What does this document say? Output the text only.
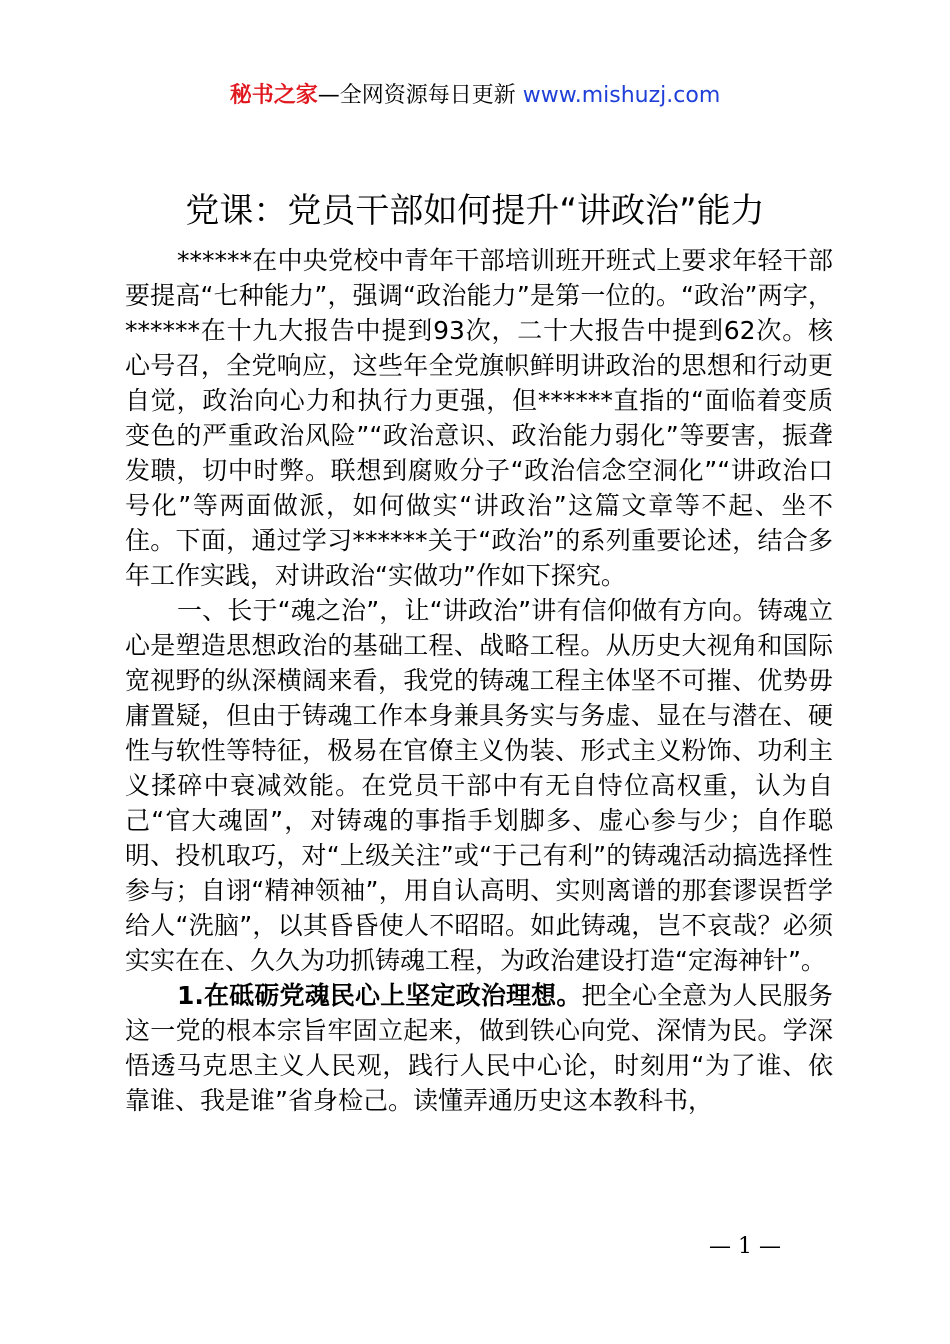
秘书之家—全网资源每日更新 www.mishuzj.com
党课：党员干部如何提升“讲政治”能力

******在中央党校中青年干部培训班开班式上要求年轻干部要提高“七种能力”，强调“政治能力”是第一位的。“政治”两字，******在十九大报告中提到93次，二十大报告中提到62次。核心号召，全党响应，这些年全党旗帜鲜明讲政治的思想和行动更自觉，政治向心力和执行力更强，但******直指的“面临着变质变色的严重政治风险”“政治意识、政治能力弱化”等要害，振聋发聩，切中时弊。联想到腐败分子“政治信念空洞化”“讲政治口号化”等两面做派，如何做实“讲政治”这篇文章等不起、坐不住。下面，通过学习******关于“政治”的系列重要论述，结合多年工作实践，对讲政治“实做功”作如下探究。

一、长于“魂之治”，让“讲政治”讲有信仰做有方向。铸魂立心是塑造思想政治的基础工程、战略工程。从历史大视角和国际宽视野的纵深横阔来看，我党的铸魂工程主体坚不可摧、优势毋庸置疑，但由于铸魂工作本身兼具务实与务虚、显在与潜在、硬性与软性等特征，极易在官僚主义伪装、形式主义粉饰、功利主义揉碎中衰减效能。在党员干部中有无自恃位高权重，认为自己“官大魂固”，对铸魂的事指手划脚多、虚心参与少；自作聪明、投机取巧，对“上级关注”或“于己有利”的铸魂活动搞选择性参与；自诩“精神领袖”，用自认高明、实则离谱的那套谬误哲学给人“洗脑”，以其昏昏使人不昭昭。如此铸魂，岂不哀哉？必须实实在在、久久为功抓铸魂工程，为政治建设打造“定海神针”。

1.在砥砺党魂民心上坚定政治理想。把全心全意为人民服务这一党的根本宗旨牢固立起来，做到铁心向党、深情为民。学深悟透马克思主义人民观，践行人民中心论，时刻用“为了谁、依靠谁、我是谁”省身检己。读懂弄通历史这本教科书，

— 1 —
